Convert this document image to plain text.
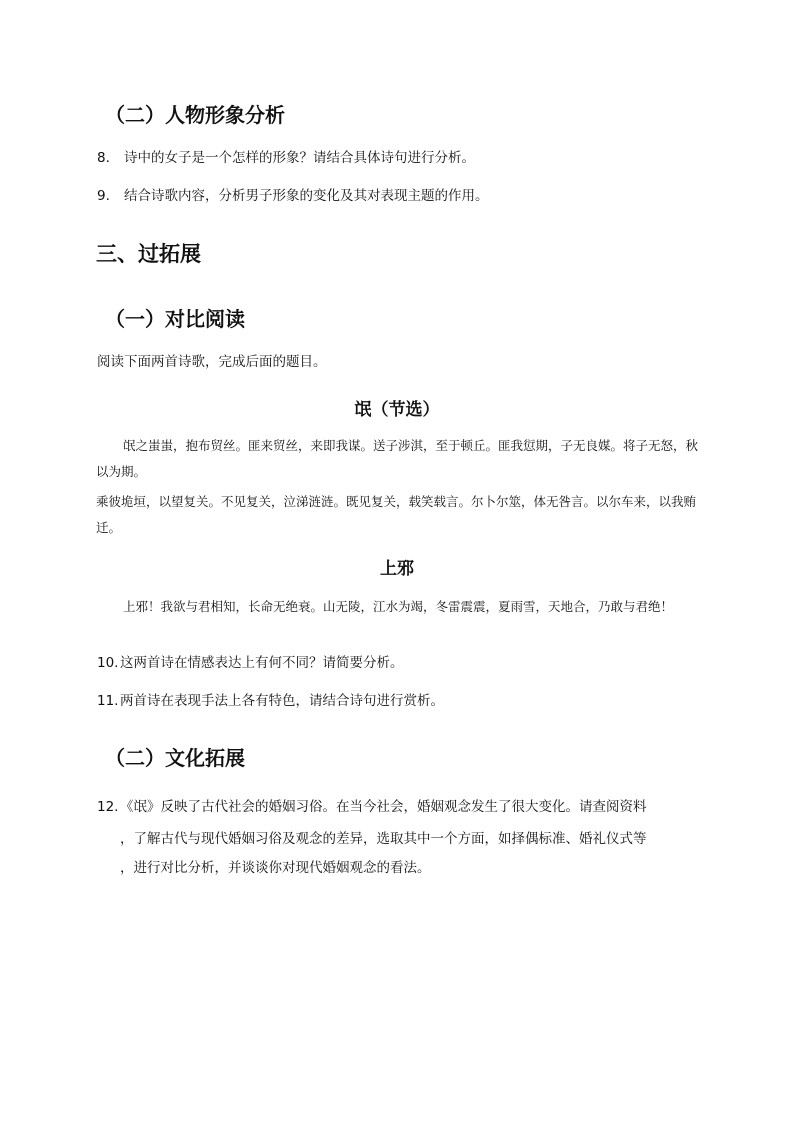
（二）人物形象分析
8. 诗中的女子是一个怎样的形象？请结合具体诗句进行分析。
9. 结合诗歌内容，分析男子形象的变化及其对表现主题的作用。
三、过拓展
（一）对比阅读
阅读下面两首诗歌，完成后面的题目。
氓（节选）

氓之蚩蚩，抱布贸丝。匪来贸丝，来即我谋。送子涉淇，至于顿丘。匪我愆期，子无良媒。将子无怒，秋以为期。

乘彼垝垣，以望复关。不见复关，泣涕涟涟。既见复关，载笑载言。尔卜尔筮，体无咎言。以尔车来，以我贿迁。

上邪

上邪！我欲与君相知，长命无绝衰。山无陵，江水为竭，冬雷震震，夏雨雪，天地合，乃敢与君绝！

10. 这两首诗在情感表达上有何不同？请简要分析。
11. 两首诗在表现手法上各有特色，请结合诗句进行赏析。
（二）文化拓展
12. 《氓》反映了古代社会的婚姻习俗。在当今社会，婚姻观念发生了很大变化。请查阅资料
，了解古代与现代婚姻习俗及观念的差异，选取其中一个方面，如择偶标准、婚礼仪式等
，进行对比分析，并谈谈你对现代婚姻观念的看法。
